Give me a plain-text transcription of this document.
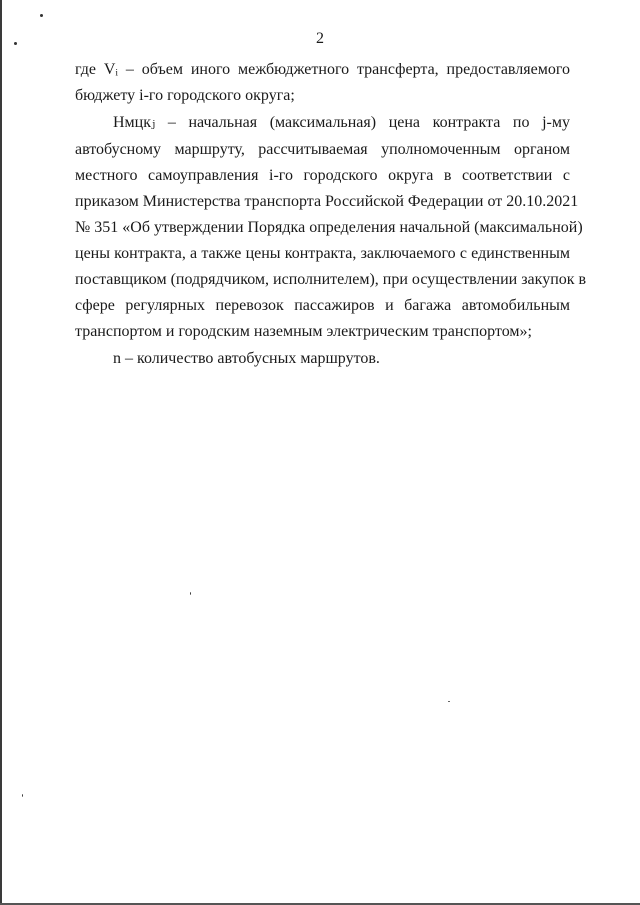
2
где Vᵢ – объем иного межбюджетного трансферта, предоставляемого
бюджету i-го городского округа;
Нмцкⱼ – начальная (максимальная) цена контракта по j-му
автобусному маршруту, рассчитываемая уполномоченным органом
местного самоуправления i-го городского округа в соответствии с
приказом Министерства транспорта Российской Федерации от 20.10.2021
№ 351 «Об утверждении Порядка определения начальной (максимальной)
цены контракта, а также цены контракта, заключаемого с единственным
поставщиком (подрядчиком, исполнителем), при осуществлении закупок в
сфере регулярных перевозок пассажиров и багажа автомобильным
транспортом и городским наземным электрическим транспортом»;
n – количество автобусных маршрутов.
